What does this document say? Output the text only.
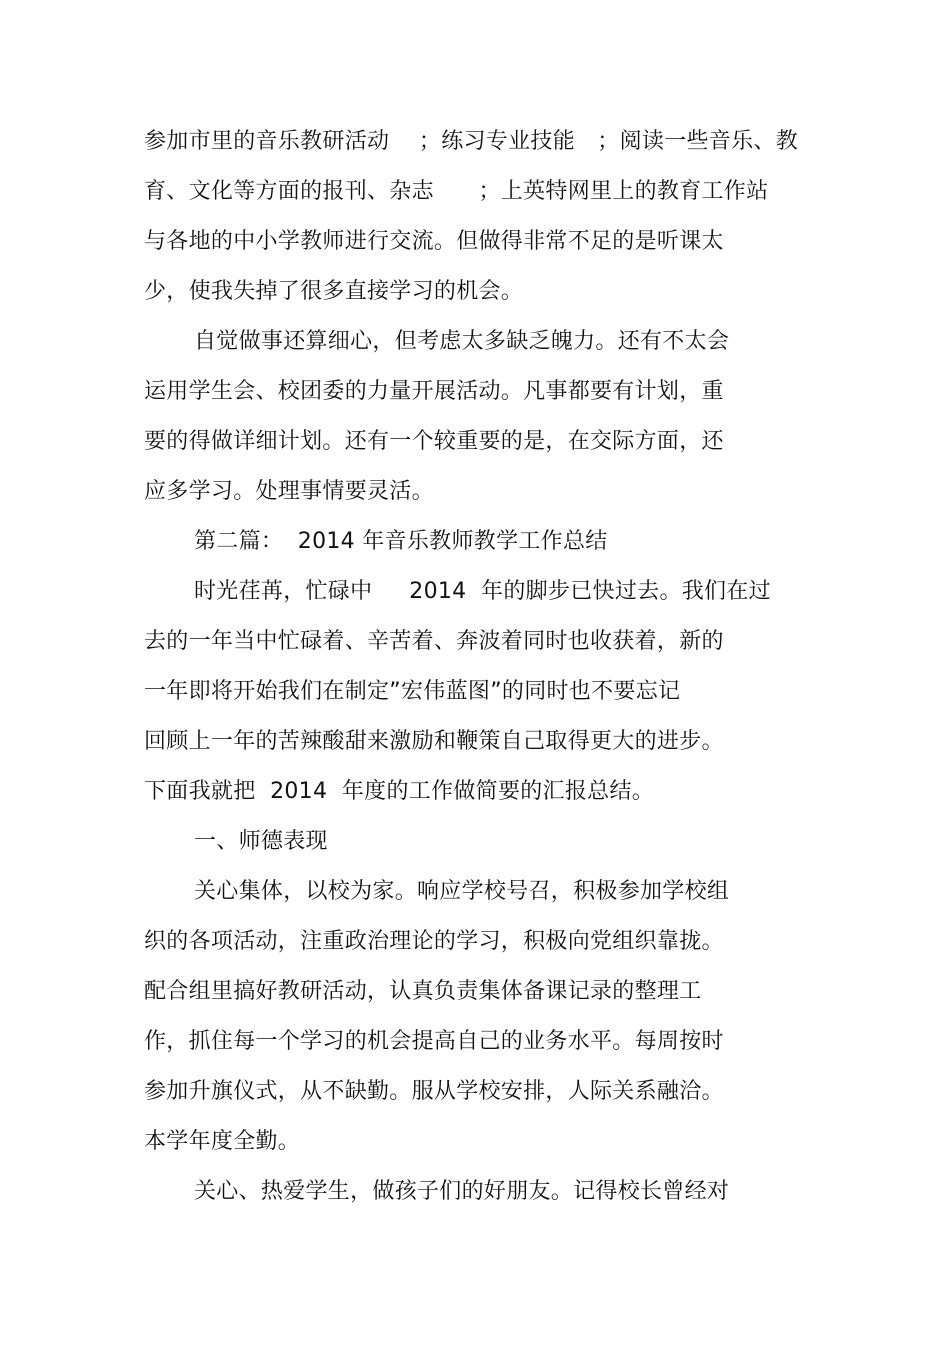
参加市里的音乐教研活动　 ；练习专业技能　；阅读一些音乐、教
育、文化等方面的报刊、杂志　　；上英特网里上的教育工作站
与各地的中小学教师进行交流。但做得非常不足的是听课太
少，使我失掉了很多直接学习的机会。
自觉做事还算细心，但考虑太多缺乏魄力。还有不太会
运用学生会、校团委的力量开展活动。凡事都要有计划，重
要的得做详细计划。还有一个较重要的是，在交际方面，还
应多学习。处理事情要灵活。
第二篇：  2014 年音乐教师教学工作总结
时光荏苒，忙碌中　  2014  年的脚步已快过去。我们在过
去的一年当中忙碌着、辛苦着、奔波着同时也收获着，新的
一年即将开始我们在制定”宏伟蓝图”的同时也不要忘记
回顾上一年的苦辣酸甜来激励和鞭策自己取得更大的进步。
下面我就把  2014  年度的工作做简要的汇报总结。
一、师德表现
关心集体，以校为家。响应学校号召，积极参加学校组
织的各项活动，注重政治理论的学习，积极向党组织靠拢。
配合组里搞好教研活动，认真负责集体备课记录的整理工
作，抓住每一个学习的机会提高自己的业务水平。每周按时
参加升旗仪式，从不缺勤。服从学校安排，人际关系融洽。
本学年度全勤。
关心、热爱学生，做孩子们的好朋友。记得校长曾经对
